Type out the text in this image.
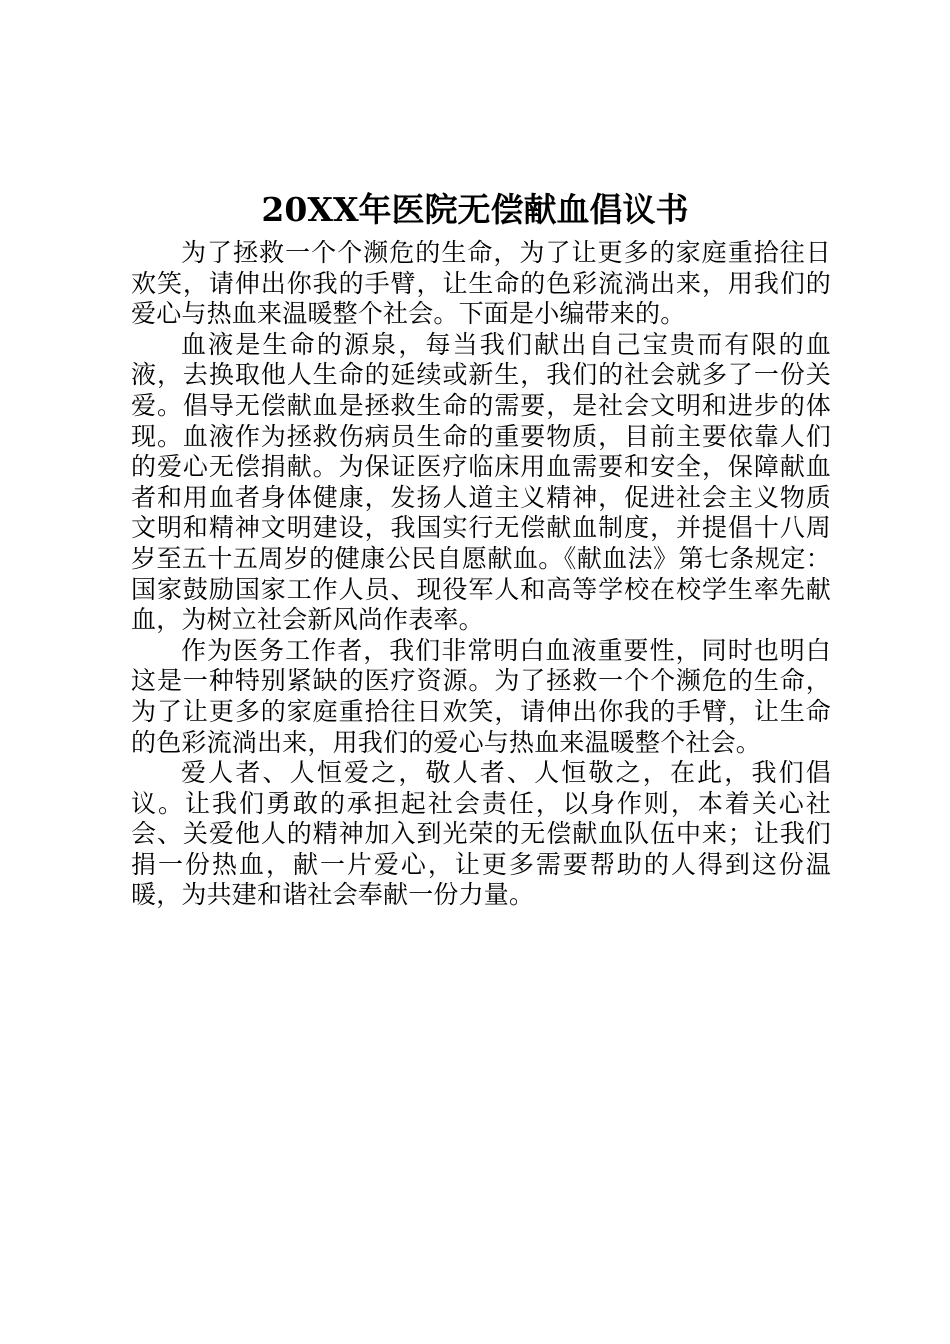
20XX年医院无偿献血倡议书

为了拯救一个个濒危的生命，为了让更多的家庭重拾往日欢笑，请伸出你我的手臂，让生命的色彩流淌出来，用我们的爱心与热血来温暖整个社会。下面是小编带来的。

血液是生命的源泉，每当我们献出自己宝贵而有限的血液，去换取他人生命的延续或新生，我们的社会就多了一份关爱。倡导无偿献血是拯救生命的需要，是社会文明和进步的体现。血液作为拯救伤病员生命的重要物质，目前主要依靠人们的爱心无偿捐献。为保证医疗临床用血需要和安全，保障献血者和用血者身体健康，发扬人道主义精神，促进社会主义物质文明和精神文明建设，我国实行无偿献血制度，并提倡十八周岁至五十五周岁的健康公民自愿献血。《献血法》第七条规定：国家鼓励国家工作人员、现役军人和高等学校在校学生率先献血，为树立社会新风尚作表率。

作为医务工作者，我们非常明白血液重要性，同时也明白这是一种特别紧缺的医疗资源。为了拯救一个个濒危的生命，为了让更多的家庭重拾往日欢笑，请伸出你我的手臂，让生命的色彩流淌出来，用我们的爱心与热血来温暖整个社会。

爱人者、人恒爱之，敬人者、人恒敬之，在此，我们倡议。让我们勇敢的承担起社会责任，以身作则，本着关心社会、关爱他人的精神加入到光荣的无偿献血队伍中来；让我们捐一份热血，献一片爱心，让更多需要帮助的人得到这份温暖，为共建和谐社会奉献一份力量。
